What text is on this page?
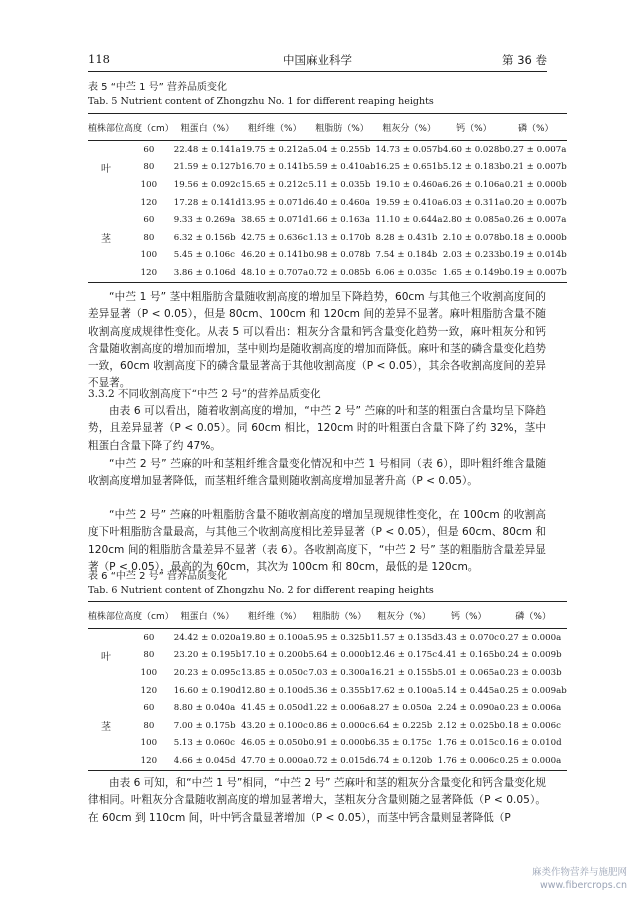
118	中国麻业科学	第 36 卷
表 5 “中苎 1 号” 营养品质变化
Tab. 5 Nutrient content of Zhongzhu No. 1 for different reaping heights
植株部位	高度（cm）	粗蛋白（%）	粗纤维（%）	粗脂肪（%）	粗灰分（%）	钙（%）	磷（%）
	60	22.48 ± 0.141a	19.75 ± 0.212a	5.04 ± 0.255b	14.73 ± 0.057b	4.60 ± 0.028b	0.27 ± 0.007a
叶	80	21.59 ± 0.127b	16.70 ± 0.141b	5.59 ± 0.410ab	16.25 ± 0.651b	5.12 ± 0.183b	0.21 ± 0.007b
	100	19.56 ± 0.092c	15.65 ± 0.212c	5.11 ± 0.035b	19.10 ± 0.460a	6.26 ± 0.106a	0.21 ± 0.000b
	120	17.28 ± 0.141d	13.95 ± 0.071d	6.40 ± 0.460a	19.59 ± 0.410a	6.03 ± 0.311a	0.20 ± 0.007b
	60	9.33 ± 0.269a	38.65 ± 0.071d	1.66 ± 0.163a	11.10 ± 0.644a	2.80 ± 0.085a	0.26 ± 0.007a
茎	80	6.32 ± 0.156b	42.75 ± 0.636c	1.13 ± 0.170b	8.28 ± 0.431b	2.10 ± 0.078b	0.18 ± 0.000b
	100	5.45 ± 0.106c	46.20 ± 0.141b	0.98 ± 0.078b	7.54 ± 0.184b	2.03 ± 0.233b	0.19 ± 0.014b
	120	3.86 ± 0.106d	48.10 ± 0.707a	0.72 ± 0.085b	6.06 ± 0.035c	1.65 ± 0.149b	0.19 ± 0.007b
“中苎 1 号” 茎中粗脂肪含量随收割高度的增加呈下降趋势，60cm 与其他三个收割高度间的差异显著（P < 0.05），但是 80cm、100cm 和 120cm 间的差异不显著。麻叶粗脂肪含量不随收割高度成规律性变化。从表 5 可以看出：粗灰分含量和钙含量变化趋势一致，麻叶粗灰分和钙含量随收割高度的增加而增加，茎中则均是随收割高度的增加而降低。麻叶和茎的磷含量变化趋势一致，60cm 收割高度下的磷含量显著高于其他收割高度（P < 0.05），其余各收割高度间的差异不显著。
3.3.2 不同收割高度下“中苎 2 号”的营养品质变化
由表 6 可以看出，随着收割高度的增加，“中苎 2 号” 苎麻的叶和茎的粗蛋白含量均呈下降趋势，且差异显著（P < 0.05）。同 60cm 相比，120cm 时的叶粗蛋白含量下降了约 32%，茎中粗蛋白含量下降了约 47%。
“中苎 2 号” 苎麻的叶和茎粗纤维含量变化情况和中苎 1 号相同（表 6），即叶粗纤维含量随收割高度增加显著降低，而茎粗纤维含量则随收割高度增加显著升高（P < 0.05）。
“中苎 2 号” 苎麻的叶粗脂肪含量不随收割高度的增加呈现规律性变化，在 100cm 的收割高度下叶粗脂肪含量最高，与其他三个收割高度相比差异显著（P < 0.05），但是 60cm、80cm 和 120cm 间的粗脂肪含量差异不显著（表 6）。各收割高度下，“中苎 2 号” 茎的粗脂肪含量差异显著（P < 0.05），最高的为 60cm，其次为 100cm 和 80cm，最低的是 120cm。
表 6 “中苎 2 号” 营养品质变化
Tab. 6 Nutrient content of Zhongzhu No. 2 for different reaping heights
植株部位	高度（cm）	粗蛋白（%）	粗纤维（%）	粗脂肪（%）	粗灰分（%）	钙（%）	磷（%）
	60	24.42 ± 0.020a	19.80 ± 0.100a	5.95 ± 0.325b	11.57 ± 0.135d	3.43 ± 0.070c	0.27 ± 0.000a
叶	80	23.20 ± 0.195b	17.10 ± 0.200b	5.64 ± 0.000b	12.46 ± 0.175c	4.41 ± 0.165b	0.24 ± 0.009b
	100	20.23 ± 0.095c	13.85 ± 0.050c	7.03 ± 0.300a	16.21 ± 0.155b	5.01 ± 0.065a	0.23 ± 0.003b
	120	16.60 ± 0.190d	12.80 ± 0.100d	5.36 ± 0.355b	17.62 ± 0.100a	5.14 ± 0.445a	0.25 ± 0.009ab
	60	8.80 ± 0.040a	41.45 ± 0.050d	1.22 ± 0.006a	8.27 ± 0.050a	2.24 ± 0.090a	0.23 ± 0.006a
茎	80	7.00 ± 0.175b	43.20 ± 0.100c	0.86 ± 0.000c	6.64 ± 0.225b	2.12 ± 0.025b	0.18 ± 0.006c
	100	5.13 ± 0.060c	46.05 ± 0.050b	0.91 ± 0.000b	6.35 ± 0.175c	1.76 ± 0.015c	0.16 ± 0.010d
	120	4.66 ± 0.045d	47.70 ± 0.000a	0.72 ± 0.015d	6.74 ± 0.120b	1.76 ± 0.006c	0.25 ± 0.000a
由表 6 可知，和“中苎 1 号”相同，“中苎 2 号” 苎麻叶和茎的粗灰分含量变化和钙含量变化规律相同。叶粗灰分含量随收割高度的增加显著增大，茎粗灰分含量则随之显著降低（P < 0.05）。在 60cm 到 110cm 间，叶中钙含量显著增加（P < 0.05），而茎中钙含量则显著降低（P
麻类作物营养与施肥网
www.fibercrops.cn
